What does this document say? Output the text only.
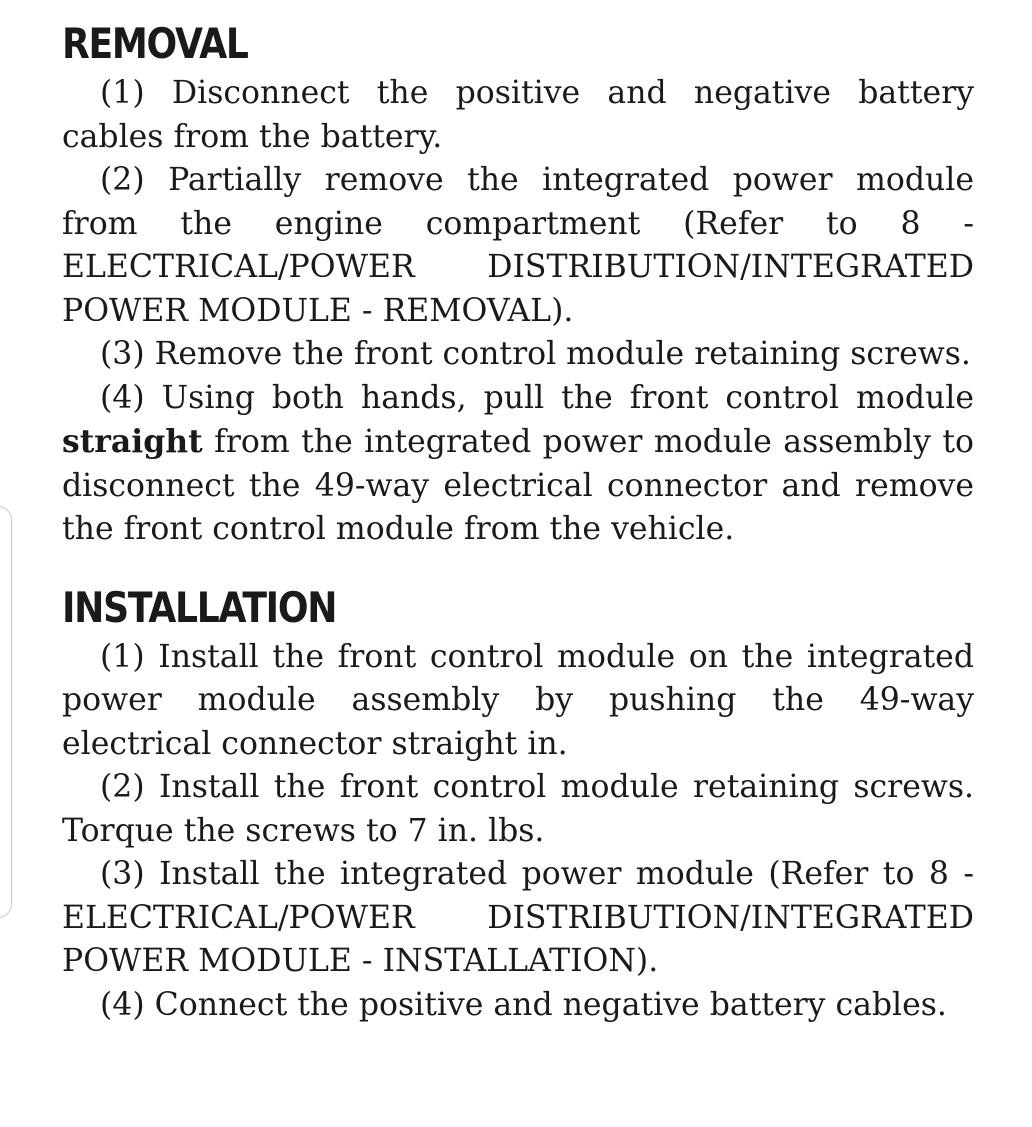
REMOVAL

(1) Disconnect the positive and negative battery cables from the battery.

(2) Partially remove the integrated power module from the engine compartment (Refer to 8 - ELECTRICAL/POWER DISTRIBUTION/INTEGRATED POWER MODULE - REMOVAL).

(3) Remove the front control module retaining screws.

(4) Using both hands, pull the front control module straight from the integrated power module assembly to disconnect the 49-way electrical connector and remove the front control module from the vehicle.

INSTALLATION

(1) Install the front control module on the integrated power module assembly by pushing the 49-way electrical connector straight in.

(2) Install the front control module retaining screws. Torque the screws to 7 in. lbs.

(3) Install the integrated power module (Refer to 8 - ELECTRICAL/POWER DISTRIBUTION/INTEGRATED POWER MODULE - INSTALLATION).

(4) Connect the positive and negative battery cables.
